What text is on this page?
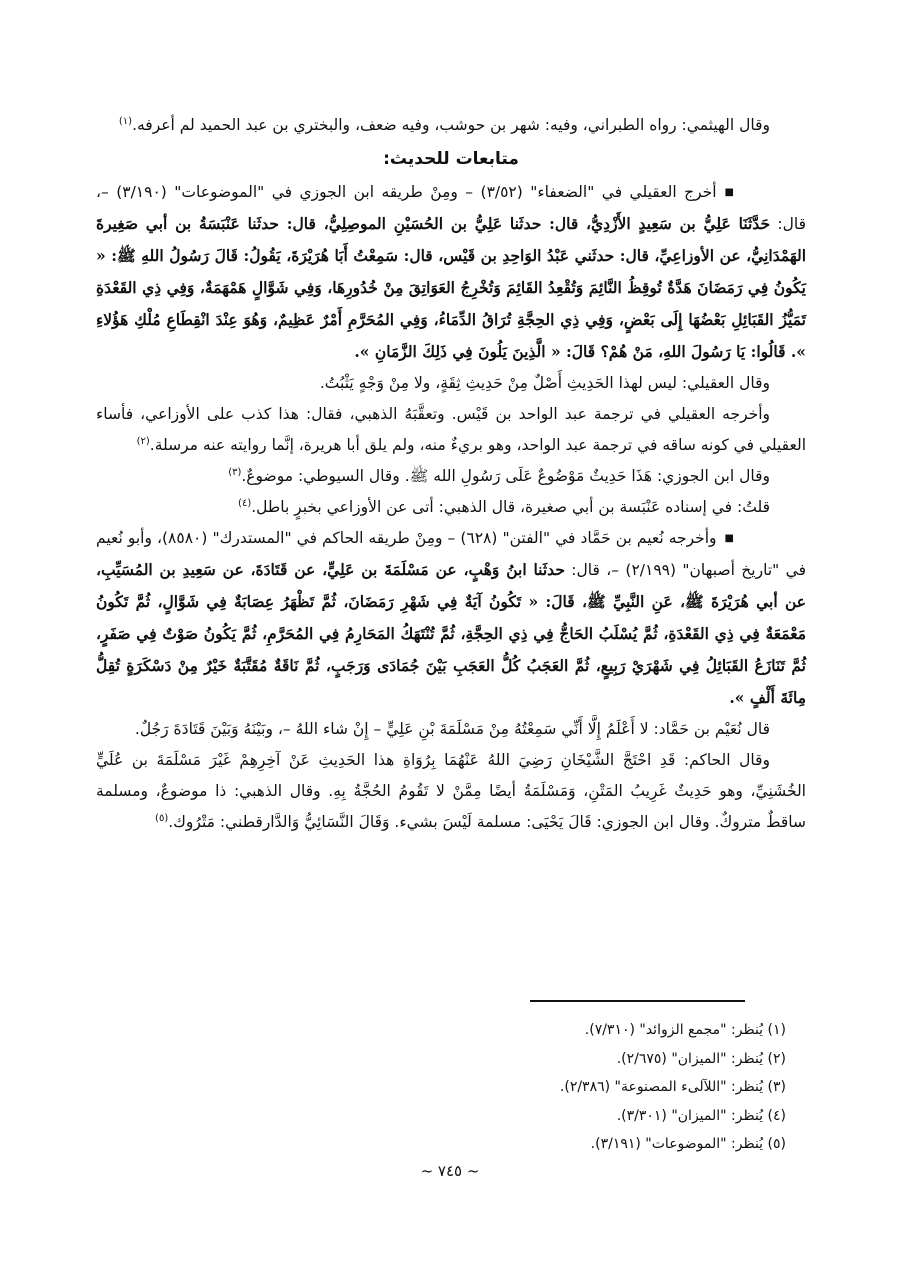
وقال الهيثمي: رواه الطبراني، وفيه: شهر بن حوشب، وفيه ضعف، والبختري بن عبد الحميد لم أعرفه.$^{(١)}$

متابعات للحديث:

■أخرج العقيلي في "الضعفاء" (٣/٥٢) – ومِنْ طريقه ابن الجوزي في "الموضوعات" (٣/١٩٠) –، قال: حَدَّثَنَا عَلِيُّ بن سَعِيدٍ الأَزْدِيُّ، قال: حدثَنا عَلِيُّ بن الحُسَيْنِ الموصِلِيُّ، قال: حدثَنا عَنْبَسَةُ بن أبي صَغِيرةَ الهَمْدَانِيُّ، عن الأوزاعِيِّ، قال: حدثَني عَبْدُ الوَاحِدِ بن قَيْس، قال: سَمِعْتُ أَبَا هُرَيْرَةَ، يَقُولُ: قَالَ رَسُولُ اللهِ ﷺ: « يَكُونُ فِي رَمَضَانَ هَدَّةٌ تُوقِظُ النَّائِمَ وَتُقْعِدُ القَائِمَ وَتُخْرِجُ العَوَاتِقَ مِنْ خُدُورِهَا، وَفِي شَوَّالٍ هَمْهَمَةٌ، وَفِي ذِي القَعْدَةِ تَمَيُّزُ القَبَائِلِ بَعْضُهَا إِلَى بَعْضٍ، وَفِي ذِي الحِجَّةِ تُرَاقُ الدِّمَاءُ، وَفِي المُحَرَّمِ أَمْرٌ عَظِيمٌ، وَهُوَ عِنْدَ انْقِطَاعِ مُلْكِ هَؤُلاءِ ». قَالُوا: يَا رَسُولَ اللهِ، مَنْ هُمْ؟ قَالَ: « الَّذِينَ يَلُونَ فِي ذَلِكَ الزَّمَانِ ».

وقال العقيلي: ليس لهذا الحَدِيثِ أَصْلٌ مِنْ حَدِيثِ ثِقَةٍ، ولا مِنْ وَجْهٍ يَثْبُتُ.

وأخرجه العقيلي في ترجمة عبد الواحد بن قَيْس. وتعقَّبَهُ الذهبي، فقال: هذا كذب على الأوزاعي، فأساء العقيلي في كونه ساقه في ترجمة عبد الواحد، وهو بريءٌ منه، ولم يلق أبا هريرة، إنَّما روايته عنه مرسلة.$^{(٢)}$

وقال ابن الجوزي: هَذَا حَدِيثٌ مَوْضُوعٌ عَلَى رَسُولِ الله ﷺ. وقال السيوطي: موضوعٌ.$^{(٣)}$

قلتُ: في إسناده عَنْبَسة بن أبي صغيرة، قال الذهبي: أتى عن الأوزاعي بخبرٍ باطل.$^{(٤)}$

■وأخرجه نُعيم بن حَمَّاد في "الفتن" (٦٢٨) – ومِنْ طريقه الحاكم في "المستدرك" (٨٥٨٠)، وأبو نُعيم في "تاريخ أصبهان" (٢/١٩٩) –، قال: حدثَنا ابنُ وَهْبٍ، عن مَسْلَمَةَ بن عَلِيٍّ، عن قَتَادَةَ، عن سَعِيدِ بن المُسَيِّبِ، عن أبي هُرَيْرَةَ ﷺ، عَنِ النَّبِيِّ ﷺ، قَالَ: « تَكُونُ آيَةٌ فِي شَهْرِ رَمَضَانَ، ثُمَّ تَظْهَرُ عِصَابَةٌ فِي شَوَّالٍ، ثُمَّ تَكُونُ مَعْمَعَةٌ فِي ذِي القَعْدَةِ، ثُمَّ يُسْلَبُ الحَاجُّ فِي ذِي الحِجَّةِ، ثُمَّ تُنْتَهَكُ المَحَارِمُ فِي المُحَرَّمِ، ثُمَّ يَكُونُ صَوْتٌ فِي صَفَرٍ، ثُمَّ تَنَازَعُ القَبَائِلُ فِي شَهْرَيْ رَبِيعٍ، ثُمَّ العَجَبُ كُلُّ العَجَبِ بَيْنَ جُمَادَى وَرَجَبٍ، ثُمَّ نَاقَةٌ مُقَتَّبَةٌ خَيْرٌ مِنْ دَسْكَرَةٍ تُقِلُّ مِائَةَ أَلْفٍ ».

قال نُعَيْم بن حَمَّاد: لا أَعْلَمُ إِلَّا أَنِّي سَمِعْتُهُ مِنْ مَسْلَمَةَ بْنِ عَلِيٍّ – إِنْ شاء اللهُ –، وبَيْنَهُ وَبَيْنَ قَتَادَةَ رَجُلٌ.

وقال الحاكم: قَدِ احْتَجَّ الشَّيْخَانِ رَضِيَ اللهُ عَنْهُمَا بِرُوَاةِ هذا الحَدِيثِ عَنْ آخِرِهِمْ غَيْرَ مَسْلَمَةَ بن عُلَيٍّ الخُشَنِيِّ، وهو حَدِيثٌ غَرِيبُ المَتْنِ، وَمَسْلَمَةُ أيضًا مِمَّنْ لا تَقُومُ الحُجَّةُ بِهِ. وقال الذهبي: ذا موضوعٌ، ومسلمة ساقطٌ متروكٌ. وقال ابن الجوزي: قَالَ يَحْيَى: مسلمة لَيْسَ بشيء. وَقَالَ النَّسَائِيُّ وَالدَّارقطني: مَتْرُوك.$^{(٥)}$

(١) يُنظر: "مجمع الزوائد" (٧/٣١٠).

(٢) يُنظر: "الميزان" (٢/٦٧٥).

(٣) يُنظر: "اللآلىء المصنوعة" (٢/٣٨٦).

(٤) يُنظر: "الميزان" (٣/٣٠١).

(٥) يُنظر: "الموضوعات" (٣/١٩١).

~ ٧٤٥ ~
